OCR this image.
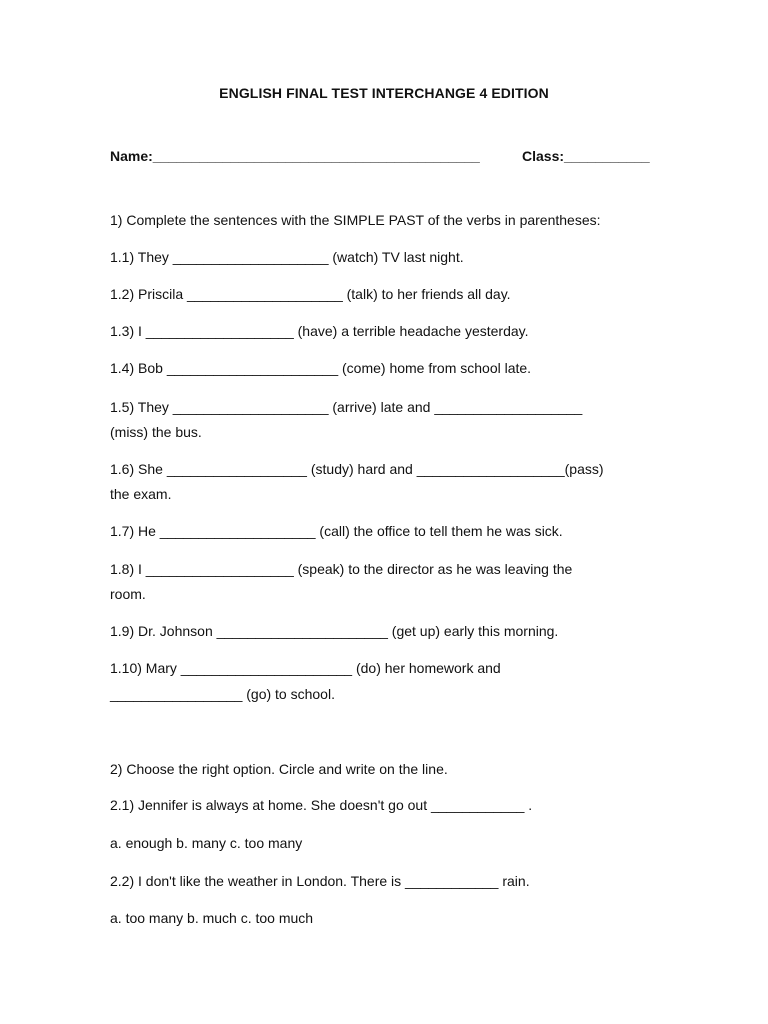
ENGLISH FINAL TEST INTERCHANGE 4 EDITION
Name:__________________________________________	Class:___________
1) Complete the sentences with the SIMPLE PAST of the verbs in parentheses:
1.1) They ____________________ (watch) TV last night.
1.2) Priscila ____________________ (talk) to her friends all day.
1.3) I ___________________ (have) a terrible headache yesterday.
1.4) Bob ______________________ (come) home from school late.
1.5) They ____________________ (arrive) late and ___________________
(miss) the bus.
1.6) She __________________ (study) hard and ___________________(pass)
the exam.
1.7) He ____________________ (call) the office to tell them he was sick.
1.8) I ___________________ (speak) to the director as he was leaving the
room.
1.9) Dr. Johnson ______________________ (get up) early this morning.
1.10) Mary ______________________ (do) her homework and
_________________ (go) to school.
2) Choose the right option. Circle and write on the line.
2.1) Jennifer is always at home. She doesn't go out ____________ .
a. enough b. many c. too many
2.2) I don't like the weather in London. There is ____________ rain.
a. too many b. much c. too much
